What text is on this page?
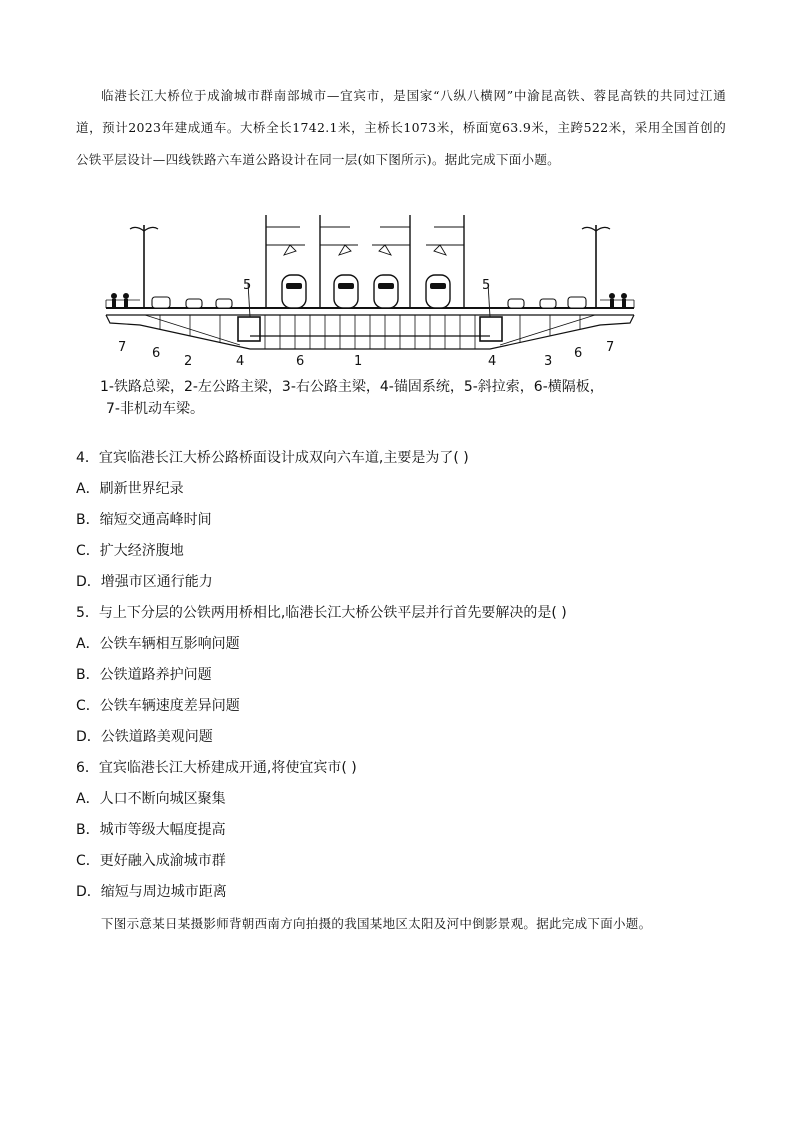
临港长江大桥位于成渝城市群南部城市—宜宾市，是国家“八纵八横网”中渝昆高铁、蓉昆高铁的共同过江通道，预计2023年建成通车。大桥全长1742.1米，主桥长1073米，桥面宽63.9米，主跨522米，采用全国首创的公铁平层设计—四线铁路六车道公路设计在同一层(如下图所示)。据此完成下面小题。

1
2	3
4	4
5	5
6
6
6
7	7
1-铁路总梁，2-左公路主梁，3-右公路主梁，4-锚固系统，5-斜拉索，6-横隔板，
7-非机动车梁。
4．宜宾临港长江大桥公路桥面设计成双向六车道,主要是为了( )
A．刷新世界纪录
B．缩短交通高峰时间
C．扩大经济腹地
D．增强市区通行能力
5．与上下分层的公铁两用桥相比,临港长江大桥公铁平层并行首先要解决的是( )
A．公铁车辆相互影响问题
B．公铁道路养护问题
C．公铁车辆速度差异问题
D．公铁道路美观问题
6．宜宾临港长江大桥建成开通,将使宜宾市( )
A．人口不断向城区聚集
B．城市等级大幅度提高
C．更好融入成渝城市群
D．缩短与周边城市距离
下图示意某日某摄影师背朝西南方向拍摄的我国某地区太阳及河中倒影景观。据此完成下面小题。
